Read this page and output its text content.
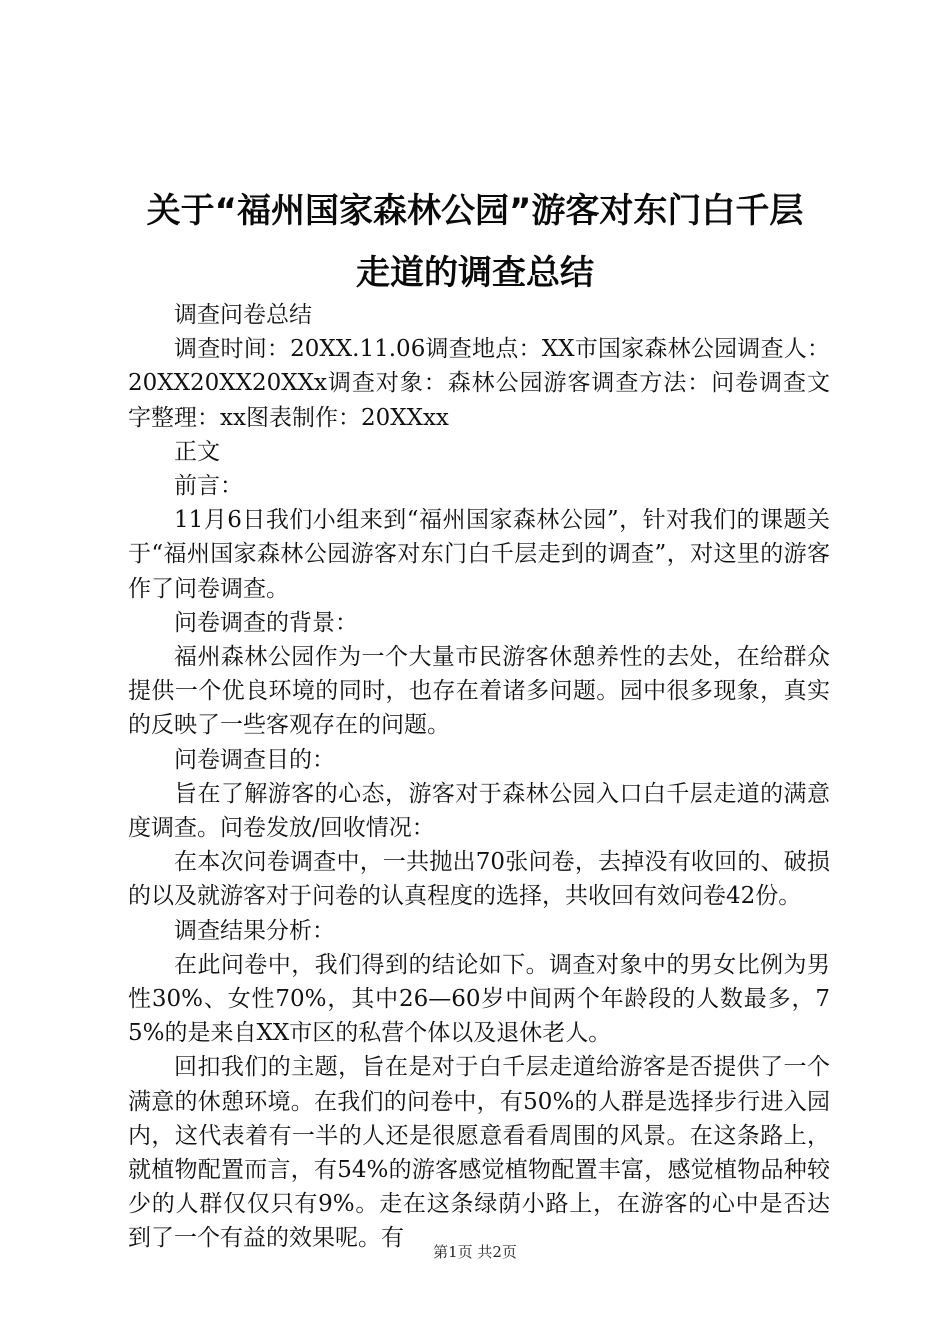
关于“福州国家森林公园”游客对东门白千层
走道的调查总结

调查问卷总结

调查时间：20XX.11.06调查地点：XX市国家森林公园调查人：20XX20XX20XXx调查对象：森林公园游客调查方法：问卷调查文字整理：xx图表制作：20XXxx

正文

前言：

11月6日我们小组来到“福州国家森林公园”，针对我们的课题关于“福州国家森林公园游客对东门白千层走到的调查”，对这里的游客作了问卷调查。

问卷调查的背景：

福州森林公园作为一个大量市民游客休憩养性的去处，在给群众提供一个优良环境的同时，也存在着诸多问题。园中很多现象，真实的反映了一些客观存在的问题。

问卷调查目的：

旨在了解游客的心态，游客对于森林公园入口白千层走道的满意度调查。问卷发放/回收情况：

在本次问卷调查中，一共抛出70张问卷，去掉没有收回的、破损的以及就游客对于问卷的认真程度的选择，共收回有效问卷42份。

调查结果分析：

在此问卷中，我们得到的结论如下。调查对象中的男女比例为男性30%、女性70%，其中26—60岁中间两个年龄段的人数最多，75%的是来自XX市区的私营个体以及退休老人。

回扣我们的主题，旨在是对于白千层走道给游客是否提供了一个满意的休憩环境。在我们的问卷中，有50%的人群是选择步行进入园内，这代表着有一半的人还是很愿意看看周围的风景。在这条路上，就植物配置而言，有54%的游客感觉植物配置丰富，感觉植物品种较少的人群仅仅只有9%。走在这条绿荫小路上，在游客的心中是否达到了一个有益的效果呢。有

第1页 共2页
